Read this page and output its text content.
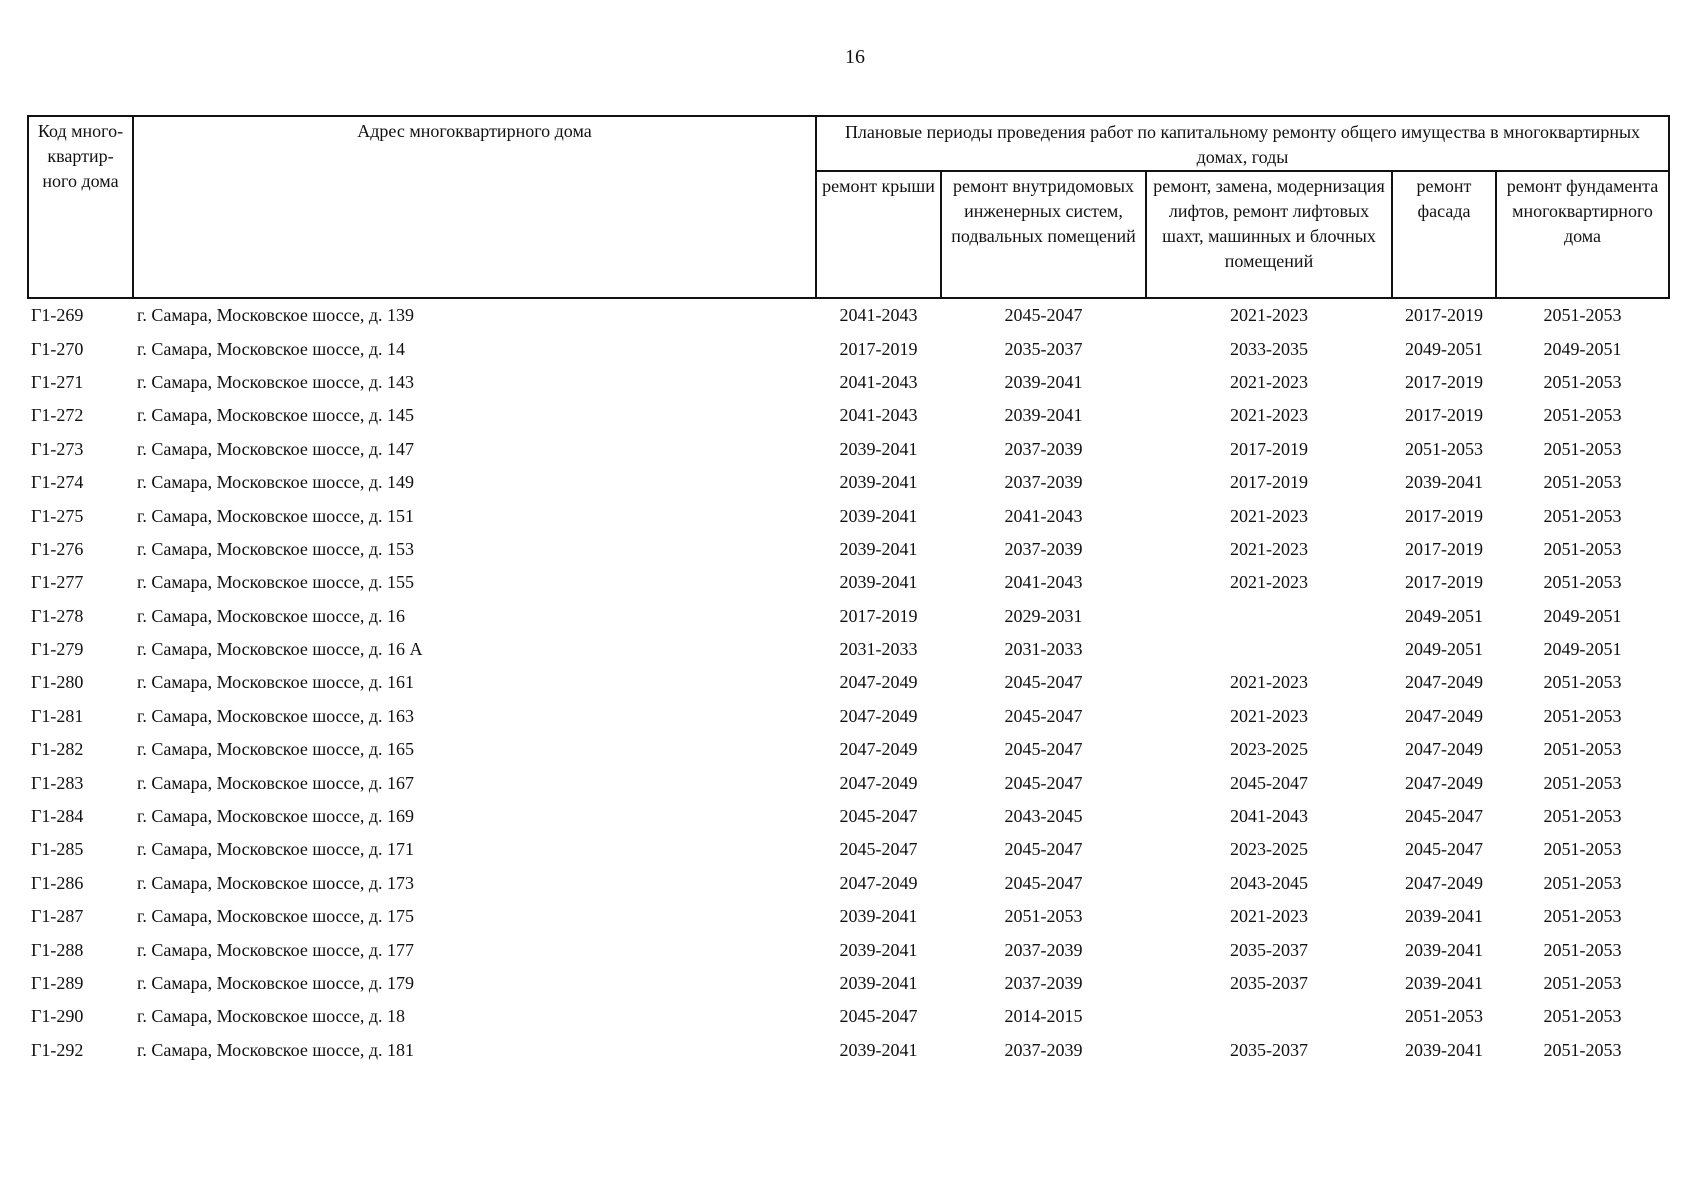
16
Код много-квартир-ного дома	Адрес многоквартирного дома	Плановые периоды проведения работ по капитальному ремонту общего имущества в многоквартирных домах, годы				
		ремонт крыши	ремонт внутридомовых инженерных систем, подвальных помещений	ремонт, замена, модернизация лифтов, ремонт лифтовых шахт, машинных и блочных помещений	ремонт фасада	ремонт фундамента многоквартирного дома
Г1-269	г. Самара, Московское шоссе, д. 139	2041-2043	2045-2047	2021-2023	2017-2019	2051-2053
Г1-270	г. Самара, Московское шоссе, д. 14	2017-2019	2035-2037	2033-2035	2049-2051	2049-2051
Г1-271	г. Самара, Московское шоссе, д. 143	2041-2043	2039-2041	2021-2023	2017-2019	2051-2053
Г1-272	г. Самара, Московское шоссе, д. 145	2041-2043	2039-2041	2021-2023	2017-2019	2051-2053
Г1-273	г. Самара, Московское шоссе, д. 147	2039-2041	2037-2039	2017-2019	2051-2053	2051-2053
Г1-274	г. Самара, Московское шоссе, д. 149	2039-2041	2037-2039	2017-2019	2039-2041	2051-2053
Г1-275	г. Самара, Московское шоссе, д. 151	2039-2041	2041-2043	2021-2023	2017-2019	2051-2053
Г1-276	г. Самара, Московское шоссе, д. 153	2039-2041	2037-2039	2021-2023	2017-2019	2051-2053
Г1-277	г. Самара, Московское шоссе, д. 155	2039-2041	2041-2043	2021-2023	2017-2019	2051-2053
Г1-278	г. Самара, Московское шоссе, д. 16	2017-2019	2029-2031		2049-2051	2049-2051
Г1-279	г. Самара, Московское шоссе, д. 16 А	2031-2033	2031-2033		2049-2051	2049-2051
Г1-280	г. Самара, Московское шоссе, д. 161	2047-2049	2045-2047	2021-2023	2047-2049	2051-2053
Г1-281	г. Самара, Московское шоссе, д. 163	2047-2049	2045-2047	2021-2023	2047-2049	2051-2053
Г1-282	г. Самара, Московское шоссе, д. 165	2047-2049	2045-2047	2023-2025	2047-2049	2051-2053
Г1-283	г. Самара, Московское шоссе, д. 167	2047-2049	2045-2047	2045-2047	2047-2049	2051-2053
Г1-284	г. Самара, Московское шоссе, д. 169	2045-2047	2043-2045	2041-2043	2045-2047	2051-2053
Г1-285	г. Самара, Московское шоссе, д. 171	2045-2047	2045-2047	2023-2025	2045-2047	2051-2053
Г1-286	г. Самара, Московское шоссе, д. 173	2047-2049	2045-2047	2043-2045	2047-2049	2051-2053
Г1-287	г. Самара, Московское шоссе, д. 175	2039-2041	2051-2053	2021-2023	2039-2041	2051-2053
Г1-288	г. Самара, Московское шоссе, д. 177	2039-2041	2037-2039	2035-2037	2039-2041	2051-2053
Г1-289	г. Самара, Московское шоссе, д. 179	2039-2041	2037-2039	2035-2037	2039-2041	2051-2053
Г1-290	г. Самара, Московское шоссе, д. 18	2045-2047	2014-2015		2051-2053	2051-2053
Г1-292	г. Самара, Московское шоссе, д. 181	2039-2041	2037-2039	2035-2037	2039-2041	2051-2053
